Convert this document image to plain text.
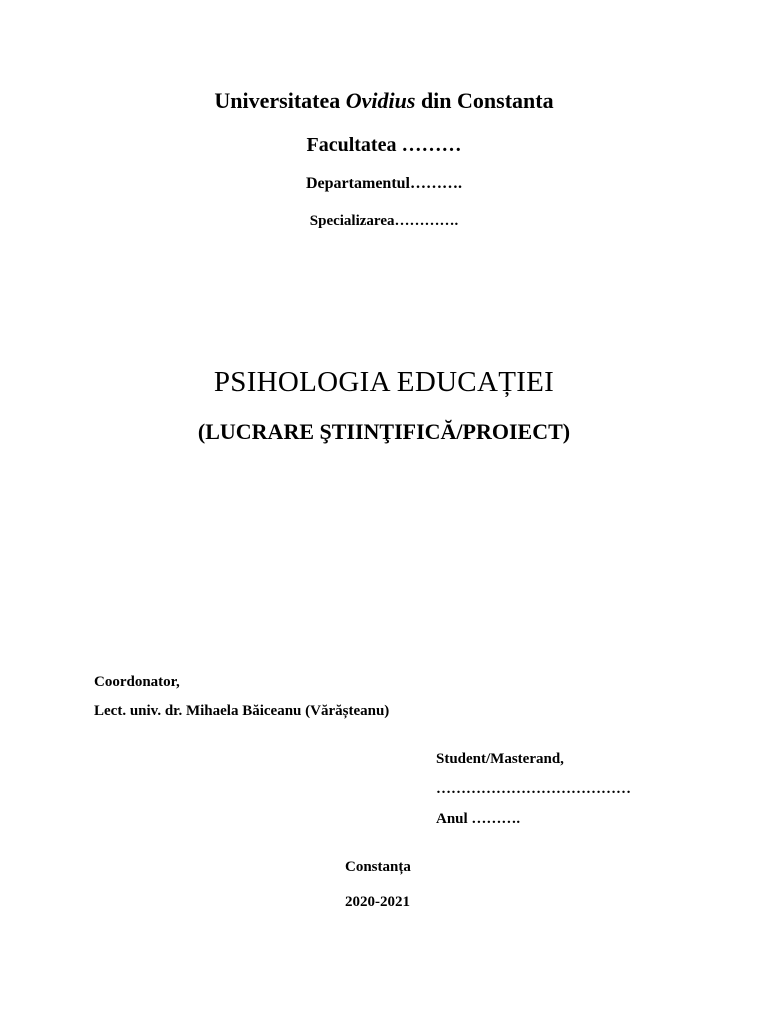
Universitatea Ovidius din Constanta
Facultatea ………
Departamentul……….
Specializarea………….
PSIHOLOGIA EDUCAȚIEI
(LUCRARE ŞTIINŢIFICĂ/PROIECT)
Coordonator,
Lect. univ. dr. Mihaela Băiceanu (Vărășteanu)
Student/Masterand,
…………………………………
Anul ……….
Constanța
2020-2021
